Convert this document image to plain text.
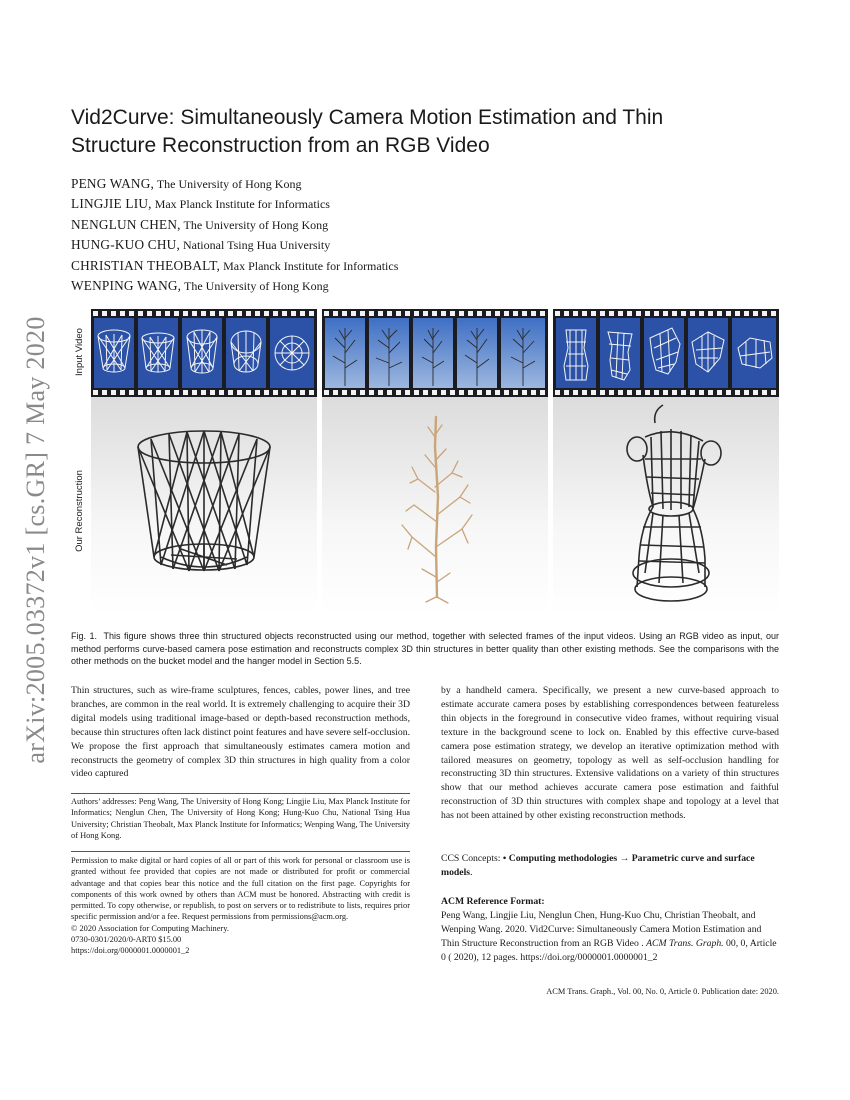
arXiv:2005.03372v1 [cs.GR] 7 May 2020
Vid2Curve: Simultaneously Camera Motion Estimation and Thin
Structure Reconstruction from an RGB Video
PENG WANG, The University of Hong Kong
LINGJIE LIU, Max Planck Institute for Informatics
NENGLUN CHEN, The University of Hong Kong
HUNG-KUO CHU, National Tsing Hua University
CHRISTIAN THEOBALT, Max Planck Institute for Informatics
WENPING WANG, The University of Hong Kong
Input Video
Our Reconstruction
Fig. 1. This figure shows three thin structured objects reconstructed using our method, together with selected frames of the input videos. Using an RGB video as input, our method performs curve-based camera pose estimation and reconstructs complex 3D thin structures in better quality than other existing methods. See the comparisons with the other methods on the bucket model and the hanger model in Section 5.5.
Thin structures, such as wire-frame sculptures, fences, cables, power lines, and tree branches, are common in the real world. It is extremely challenging to acquire their 3D digital models using traditional image-based or depth-based reconstruction methods, because thin structures often lack distinct point features and have severe self-occlusion. We propose the first approach that simultaneously estimates camera motion and reconstructs the geometry of complex 3D thin structures in high quality from a color video captured
by a handheld camera. Specifically, we present a new curve-based approach to estimate accurate camera poses by establishing correspondences between featureless thin objects in the foreground in consecutive video frames, without requiring visual texture in the background scene to lock on. Enabled by this effective curve-based camera pose estimation strategy, we develop an iterative optimization method with tailored measures on geometry, topology as well as self-occlusion handling for reconstructing 3D thin structures. Extensive validations on a variety of thin structures show that our method achieves accurate camera pose estimation and faithful reconstruction of 3D thin structures with complex shape and topology at a level that has not been attained by other existing reconstruction methods.
Authors’ addresses: Peng Wang, The University of Hong Kong; Lingjie Liu, Max Planck Institute for Informatics; Nenglun Chen, The University of Hong Kong; Hung-Kuo Chu, National Tsing Hua University; Christian Theobalt, Max Planck Institute for Informatics; Wenping Wang, The University of Hong Kong.
Permission to make digital or hard copies of all or part of this work for personal or classroom use is granted without fee provided that copies are not made or distributed for profit or commercial advantage and that copies bear this notice and the full citation on the first page. Copyrights for components of this work owned by others than ACM must be honored. Abstracting with credit is permitted. To copy otherwise, or republish, to post on servers or to redistribute to lists, requires prior specific permission and/or a fee. Request permissions from permissions@acm.org.
© 2020 Association for Computing Machinery.
0730-0301/2020/0-ART0 $15.00
https://doi.org/0000001.0000001_2
CCS Concepts: • Computing methodologies → Parametric curve and surface models.
ACM Reference Format:
Peng Wang, Lingjie Liu, Nenglun Chen, Hung-Kuo Chu, Christian Theobalt, and Wenping Wang. 2020. Vid2Curve: Simultaneously Camera Motion Estimation and Thin Structure Reconstruction from an RGB Video . ACM Trans. Graph. 00, 0, Article 0 ( 2020), 12 pages. https://doi.org/0000001.0000001_2
ACM Trans. Graph., Vol. 00, No. 0, Article 0. Publication date: 2020.
